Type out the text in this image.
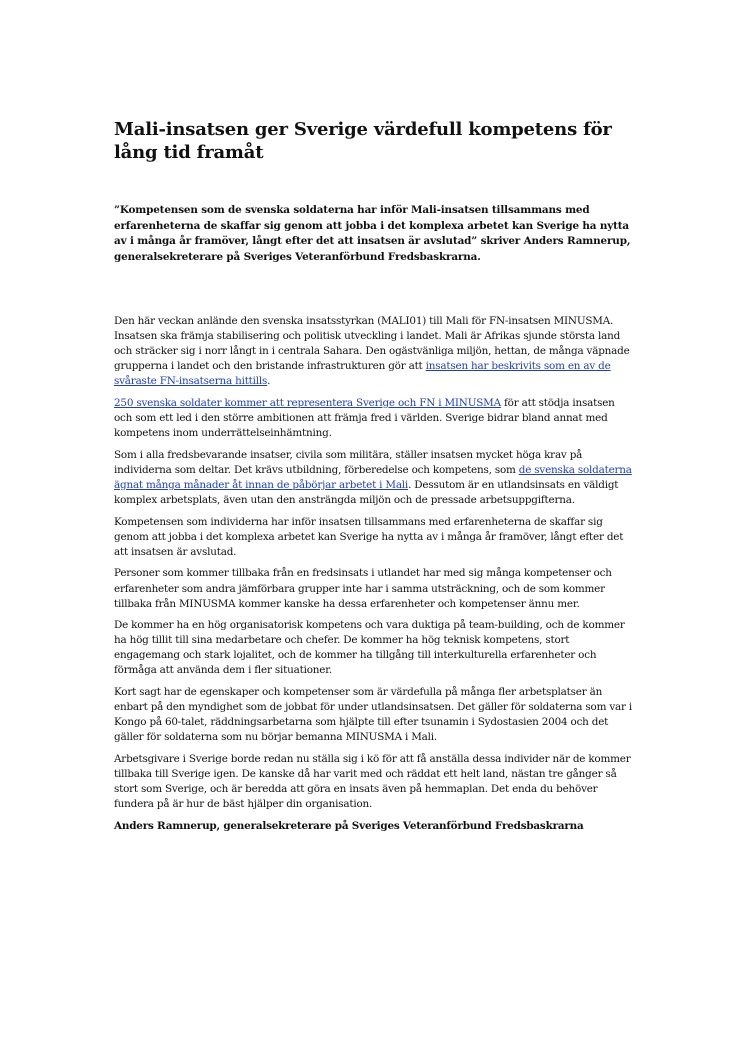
Mali-insatsen ger Sverige värdefull kompetens för lång tid framåt

”Kompetensen som de svenska soldaterna har inför Mali-insatsen tillsammans med erfarenheterna de skaffar sig genom att jobba i det komplexa arbetet kan Sverige ha nytta av i många år framöver, långt efter det att insatsen är avslutad” skriver Anders Ramnerup, generalsekreterare på Sveriges Veteranförbund Fredsbaskrarna.

Den här veckan anlände den svenska insatsstyrkan (MALI01) till Mali för FN-insatsen MINUSMA. Insatsen ska främja stabilisering och politisk utveckling i landet. Mali är Afrikas sjunde största land och sträcker sig i norr långt in i centrala Sahara. Den ogästvänliga miljön, hettan, de många väpnade grupperna i landet och den bristande infrastrukturen gör att insatsen har beskrivits som en av de svåraste FN-insatserna hittills.

250 svenska soldater kommer att representera Sverige och FN i MINUSMA för att stödja insatsen och som ett led i den större ambitionen att främja fred i världen. Sverige bidrar bland annat med kompetens inom underrättelseinhämtning.

Som i alla fredsbevarande insatser, civila som militära, ställer insatsen mycket höga krav på individerna som deltar. Det krävs utbildning, förberedelse och kompetens, som de svenska soldaterna ägnat många månader åt innan de påbörjar arbetet i Mali. Dessutom är en utlandsinsats en väldigt komplex arbetsplats, även utan den ansträngda miljön och de pressade arbetsuppgifterna.

Kompetensen som individerna har inför insatsen tillsammans med erfarenheterna de skaffar sig genom att jobba i det komplexa arbetet kan Sverige ha nytta av i många år framöver, långt efter det att insatsen är avslutad.

Personer som kommer tillbaka från en fredsinsats i utlandet har med sig många kompetenser och erfarenheter som andra jämförbara grupper inte har i samma utsträckning, och de som kommer tillbaka från MINUSMA kommer kanske ha dessa erfarenheter och kompetenser ännu mer.

De kommer ha en hög organisatorisk kompetens och vara duktiga på team-building, och de kommer ha hög tillit till sina medarbetare och chefer. De kommer ha hög teknisk kompetens, stort engagemang och stark lojalitet, och de kommer ha tillgång till interkulturella erfarenheter och förmåga att använda dem i fler situationer.

Kort sagt har de egenskaper och kompetenser som är värdefulla på många fler arbetsplatser än enbart på den myndighet som de jobbat för under utlandsinsatsen. Det gäller för soldaterna som var i Kongo på 60-talet, räddningsarbetarna som hjälpte till efter tsunamin i Sydostasien 2004 och det gäller för soldaterna som nu börjar bemanna MINUSMA i Mali.

Arbetsgivare i Sverige borde redan nu ställa sig i kö för att få anställa dessa individer när de kommer tillbaka till Sverige igen. De kanske då har varit med och räddat ett helt land, nästan tre gånger så stort som Sverige, och är beredda att göra en insats även på hemmaplan. Det enda du behöver fundera på är hur de bäst hjälper din organisation.

Anders Ramnerup, generalsekreterare på Sveriges Veteranförbund Fredsbaskrarna
